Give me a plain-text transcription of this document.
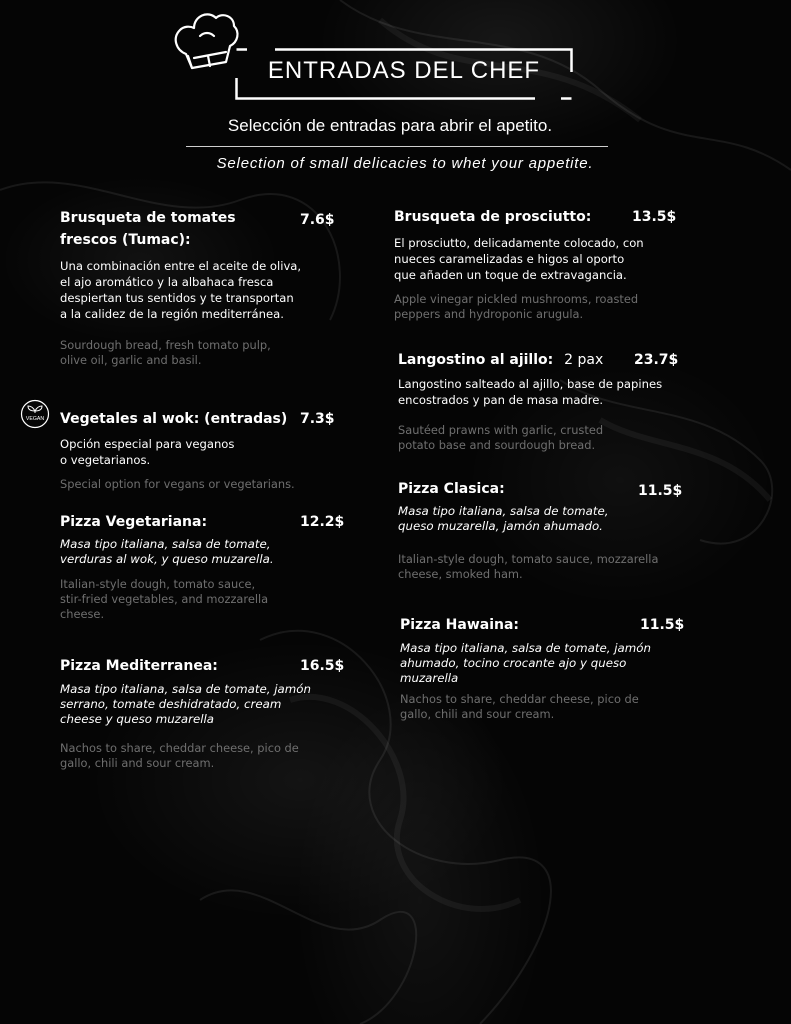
ENTRADAS DEL CHEF
Selección de entradas para abrir el apetito.
Selection of small delicacies to whet your appetite.
Brusqueta de tomates
frescos (Tumac):
7.6$
Una combinación entre el aceite de oliva,
el ajo aromático y la albahaca fresca
despiertan tus sentidos y te transportan
a la calidez de la región mediterránea.
Sourdough bread, fresh tomato pulp,
olive oil, garlic and basil.
VEGAN Vegetales al wok: (entradas) 7.3$
Opción especial para veganos
o vegetarianos.
Special option for vegans or vegetarians.
Pizza Vegetariana:	12.2$
Masa tipo italiana, salsa de tomate,
verduras al wok, y queso muzarella.
Italian-style dough, tomato sauce,
stir-fried vegetables, and mozzarella
cheese.
Pizza Mediterranea:	16.5$
Masa tipo italiana, salsa de tomate, jamón
serrano, tomate deshidratado, cream
cheese y queso muzarella
Nachos to share, cheddar cheese, pico de
gallo, chili and sour cream.
Brusqueta de prosciutto:	13.5$
El prosciutto, delicadamente colocado, con
nueces caramelizadas e higos al oporto
que añaden un toque de extravagancia.
Apple vinegar pickled mushrooms, roasted
peppers and hydroponic arugula.
Langostino al ajillo: 2 pax 23.7$
Langostino salteado al ajillo, base de papines
encostrados y pan de masa madre.
Sautéed prawns with garlic, crusted
potato base and sourdough bread.
Pizza Clasica:	11.5$
Masa tipo italiana, salsa de tomate,
queso muzarella, jamón ahumado.
Italian-style dough, tomato sauce, mozzarella
cheese, smoked ham.
Pizza Hawaina:	11.5$
Masa tipo italiana, salsa de tomate, jamón
ahumado, tocino crocante ajo y queso
muzarella
Nachos to share, cheddar cheese, pico de
gallo, chili and sour cream.
